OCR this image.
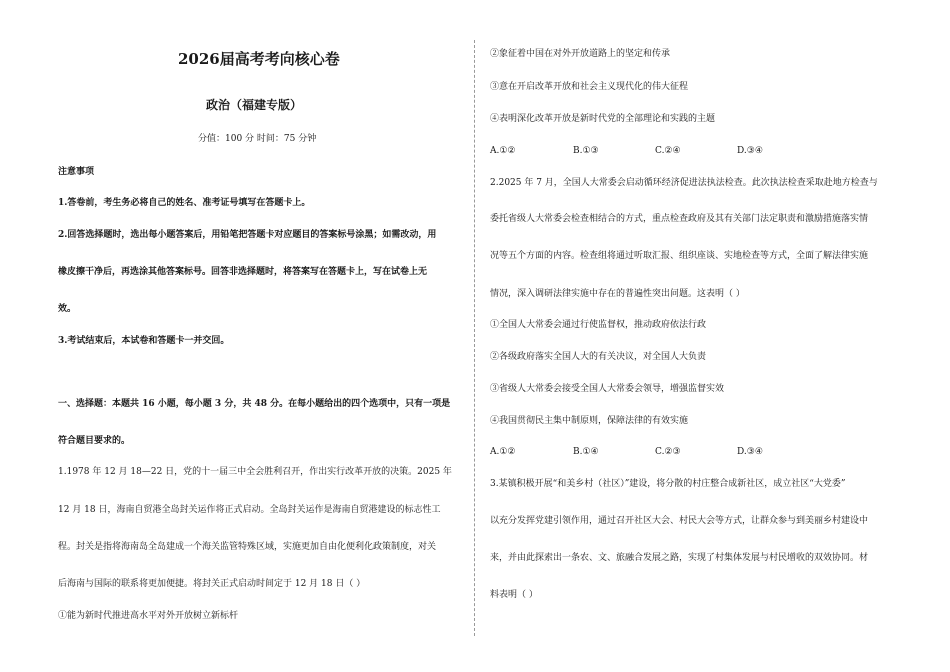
2026届高考考向核心卷
政治（福建专版）
分值：100 分 时间：75 分钟
注意事项
1.答卷前，考生务必将自己的姓名、准考证号填写在答题卡上。
2.回答选择题时，选出每小题答案后，用铅笔把答题卡对应题目的答案标号涂黑；如需改动，用
橡皮擦干净后，再选涂其他答案标号。回答非选择题时，将答案写在答题卡上，写在试卷上无
效。
3.考试结束后，本试卷和答题卡一并交回。
一、选择题：本题共 16 小题，每小题 3 分，共 48 分。在每小题给出的四个选项中，只有一项是
符合题目要求的。
1.1978 年 12 月 18—22 日，党的十一届三中全会胜利召开，作出实行改革开放的决策。2025 年
12 月 18 日，海南自贸港全岛封关运作将正式启动。全岛封关运作是海南自贸港建设的标志性工
程。封关是指将海南岛全岛建成一个海关监管特殊区域，实施更加自由化便利化政策制度，对关
后海南与国际的联系将更加便捷。将封关正式启动时间定于 12 月 18 日（ ）
①能为新时代推进高水平对外开放树立新标杆
②象征着中国在对外开放道路上的坚定和传承
③意在开启改革开放和社会主义现代化的伟大征程
④表明深化改革开放是新时代党的全部理论和实践的主题
A.①②	B.①③	C.②④	D.③④
2.2025 年 7 月，全国人大常委会启动循环经济促进法执法检查。此次执法检查采取赴地方检查与
委托省级人大常委会检查相结合的方式，重点检查政府及其有关部门法定职责和激励措施落实情
况等五个方面的内容。检查组将通过听取汇报、组织座谈、实地检查等方式，全面了解法律实施
情况，深入调研法律实施中存在的普遍性突出问题。这表明（ ）
①全国人大常委会通过行使监督权，推动政府依法行政
②各级政府落实全国人大的有关决议，对全国人大负责
③省级人大常委会接受全国人大常委会领导，增强监督实效
④我国贯彻民主集中制原则，保障法律的有效实施
A.①②	B.①④	C.②③	D.③④
3.某镇积极开展“和美乡村（社区）”建设，将分散的村庄整合成新社区，成立社区“大党委”
以充分发挥党建引领作用，通过召开社区大会、村民大会等方式，让群众参与到美丽乡村建设中
来，并由此探索出一条农、文、旅融合发展之路，实现了村集体发展与村民增收的双效协同。材
料表明（ ）
